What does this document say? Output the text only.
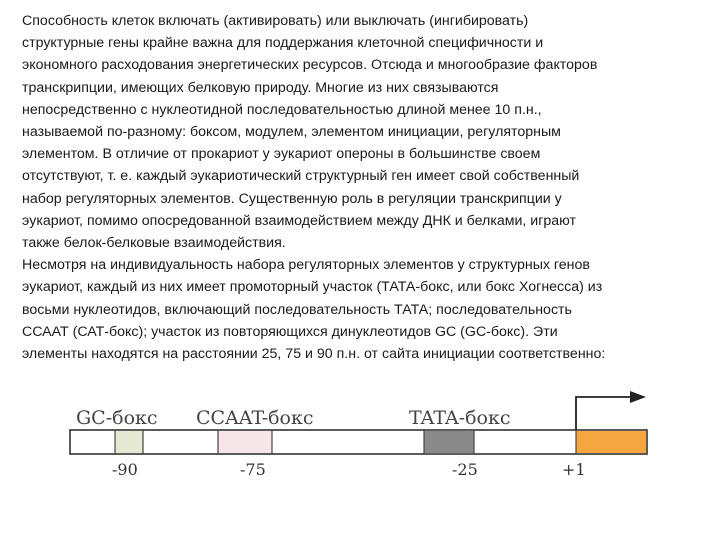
Способность клеток включать (активировать) или выключать (ингибировать)
структурные гены крайне важна для поддержания клеточной специфичности и
экономного расходования энергетических ресурсов. Отсюда и многообразие факторов
транскрипции, имеющих белковую природу. Многие из них связываются
непосредственно с нуклеотидной последовательностью длиной менее 10 п.н.,
называемой по-разному: боксом, модулем, элементом инициации, регуляторным
элементом. В отличие от прокариот у эукариот опероны в большинстве своем
отсутствуют, т. е. каждый эукариотический структурный ген имеет свой собственный
набор регуляторных элементов. Существенную роль в регуляции транскрипции у
эукариот, помимо опосредованной взаимодействием между ДНК и белками, играют
также белок-белковые взаимодействия.
Несмотря на индивидуальность набора регуляторных элементов у структурных генов
эукариот, каждый из них имеет промоторный участок (ТАТА-бокс, или бокс Хогнесса) из
восьми нуклеотидов, включающий последовательность ТАТА; последовательность
ССААТ (САТ-бокс); участок из повторяющихся динуклеотидов GC (GC-бокс). Эти
элементы находятся на расстоянии 25, 75 и 90 п.н. от сайта инициации соответственно:
GC-бокс CCAAT-бокс	TATA-бокс
-90	-75	-25	+1
